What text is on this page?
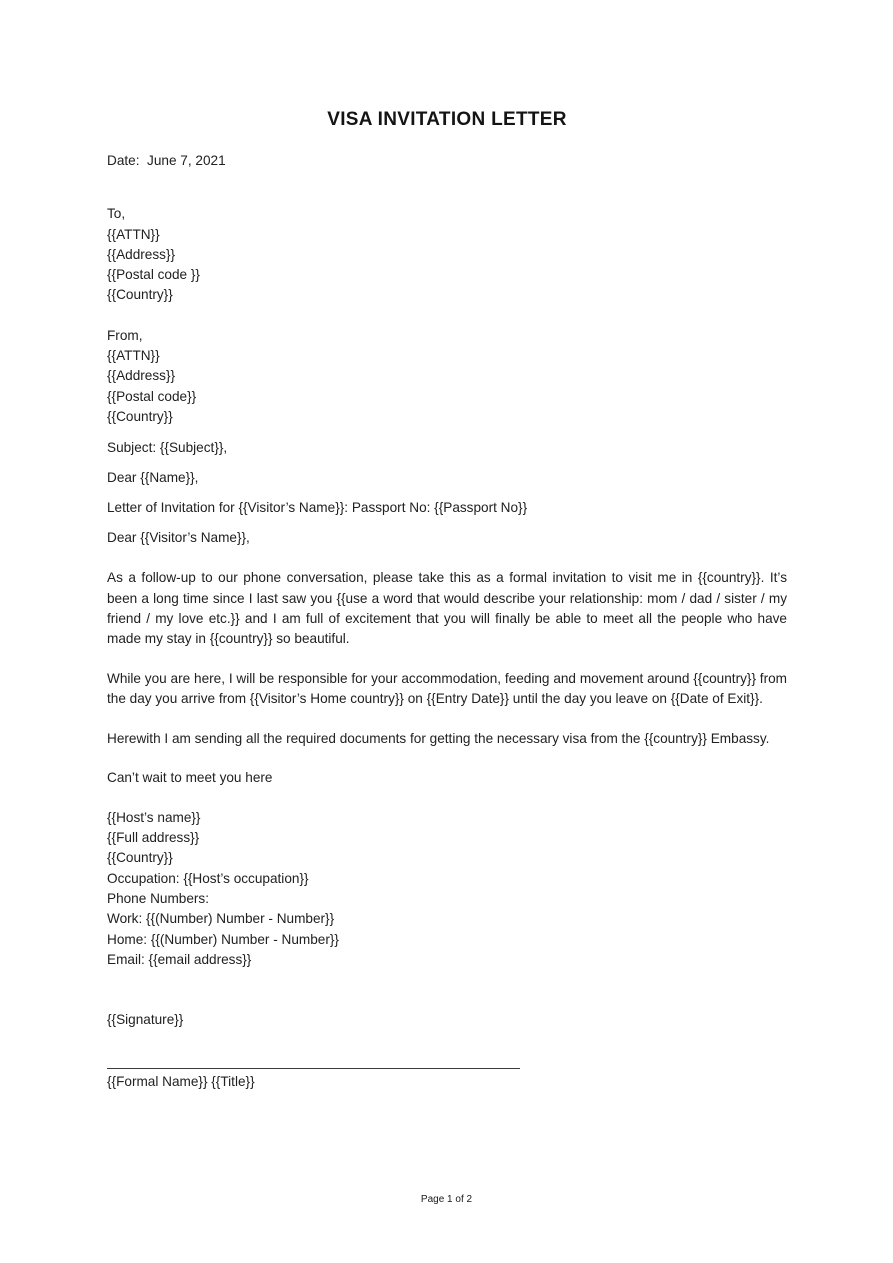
VISA INVITATION LETTER

Date:  June 7, 2021

To,
{{ATTN}}
{{Address}}
{{Postal code }}
{{Country}}
From,
{{ATTN}}
{{Address}}
{{Postal code}}
{{Country}}

Subject: {{Subject}},

Dear {{Name}},

Letter of Invitation for {{Visitor’s Name}}: Passport No: {{Passport No}}

Dear {{Visitor’s Name}},

As a follow-up to our phone conversation, please take this as a formal invitation to visit me in {{country}}. It’s been a long time since I last saw you {{use a word that would describe your relationship: mom / dad / sister / my friend / my love etc.}} and I am full of excitement that you will finally be able to meet all the people who have made my stay in {{country}} so beautiful.

While you are here, I will be responsible for your accommodation, feeding and movement around {{country}} from the day you arrive from {{Visitor’s Home country}} on {{Entry Date}} until the day you leave on {{Date of Exit}}.

Herewith I am sending all the required documents for getting the necessary visa from the {{country}} Embassy.

Can’t wait to meet you here

{{Host’s name}}
{{Full address}}
{{Country}}
Occupation: {{Host’s occupation}}
Phone Numbers:
Work: {{(Number) Number - Number}}
Home: {{(Number) Number - Number}}
Email: {{email address}}

{{Signature}}

{{Formal Name}} {{Title}}

Page 1 of 2
